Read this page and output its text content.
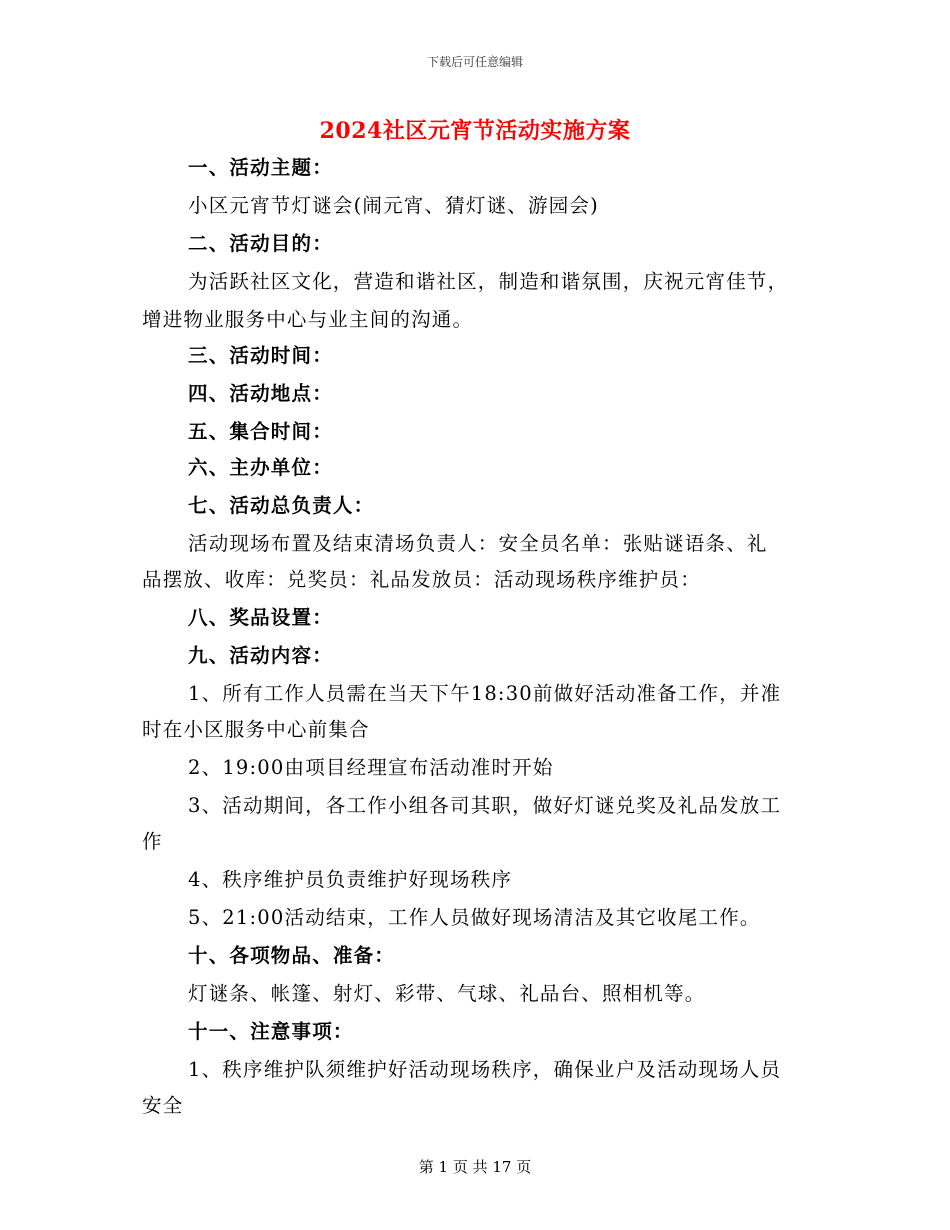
下载后可任意编辑
2024社区元宵节活动实施方案
一、活动主题：
小区元宵节灯谜会(闹元宵、猜灯谜、游园会)
二、活动目的：
为活跃社区文化，营造和谐社区，制造和谐氛围，庆祝元宵佳节，
增进物业服务中心与业主间的沟通。
三、活动时间：
四、活动地点：
五、集合时间：
六、主办单位：
七、活动总负责人：
活动现场布置及结束清场负责人：安全员名单：张贴谜语条、礼
品摆放、收库：兑奖员：礼品发放员：活动现场秩序维护员：
八、奖品设置：
九、活动内容：
1、所有工作人员需在当天下午18:30前做好活动准备工作，并准
时在小区服务中心前集合
2、19:00由项目经理宣布活动准时开始
3、活动期间，各工作小组各司其职，做好灯谜兑奖及礼品发放工
作
4、秩序维护员负责维护好现场秩序
5、21:00活动结束，工作人员做好现场清洁及其它收尾工作。
十、各项物品、准备：
灯谜条、帐篷、射灯、彩带、气球、礼品台、照相机等。
十一、注意事项：
1、秩序维护队须维护好活动现场秩序，确保业户及活动现场人员
安全
第 1 页 共 17 页
